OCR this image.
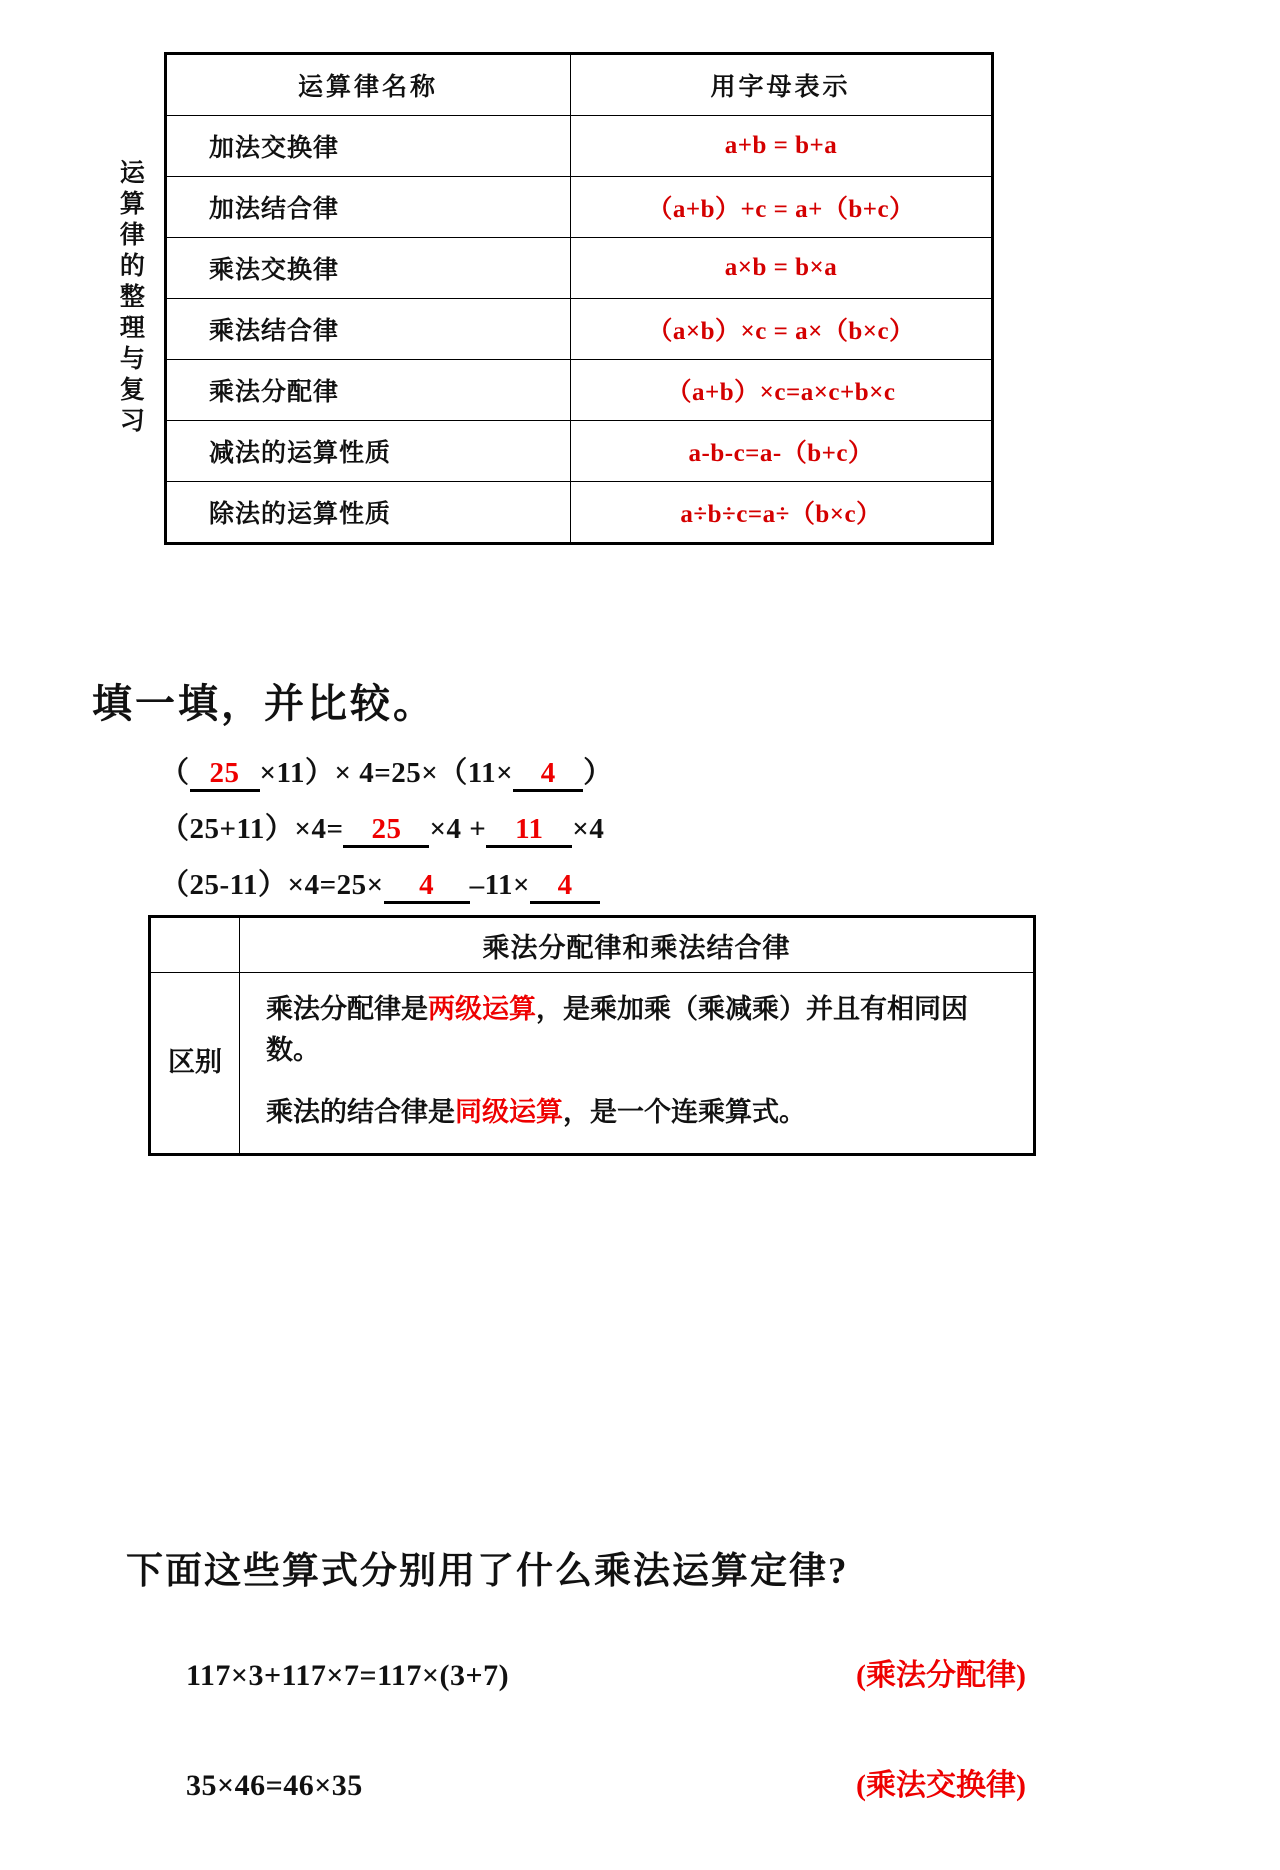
运算律的整理与复习
运算律名称	用字母表示
加法交换律	a+b = b+a
加法结合律	（a+b）+c = a+（b+c）
乘法交换律	a×b = b×a
乘法结合律	（a×b）×c = a×（b×c）
乘法分配律	（a+b）×c=a×c+b×c
减法的运算性质	a-b-c=a-（b+c）
除法的运算性质	a÷b÷c=a÷（b×c）
填一填，并比较。
（ 25 ×11）× 4=25×（11× 4 ）
（25+11）×4= 25 ×4 + 11 ×4
（25-11）×4=25× 4 –11× 4
	乘法分配律和乘法结合律
区别	乘法分配律是两级运算，是乘加乘（乘减乘）并且有相同因数。

乘法的结合律是同级运算，是一个连乘算式。

下面这些算式分别用了什么乘法运算定律?
117×3+117×7=117×(3+7)	(乘法分配律)
35×46=46×35	(乘法交换律)
